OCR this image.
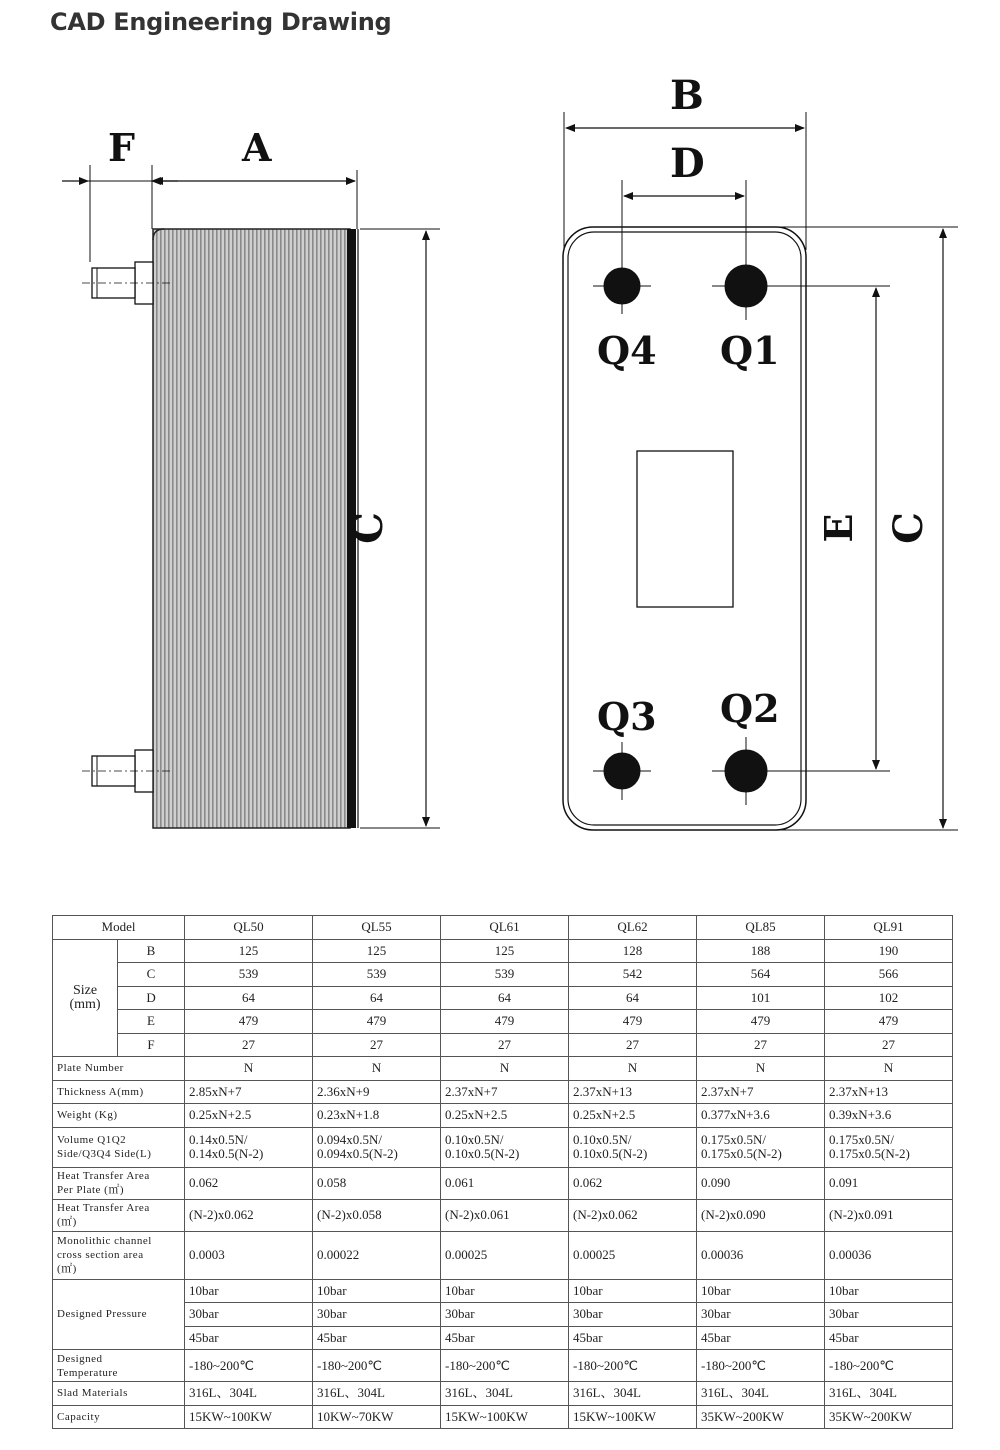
CAD Engineering Drawing
F	A
C
B
D
E C
Q4 Q1
Q3 Q2
Model		QL50	QL55	QL61	QL62	QL85	QL91

Size
(mm)	B	125	125	125	128	188	190
	C	539	539	539	542	564	566
	D	64	64	64	64	101	102
	E	479	479	479	479	479	479
	F	27	27	27	27	27	27
Plate Number		N	N	N	N	N	N
Thickness A(mm)		2.85xN+7	2.36xN+9	2.37xN+7	2.37xN+13	2.37xN+7	2.37xN+13
Weight (Kg)		0.25xN+2.5	0.23xN+1.8	0.25xN+2.5	0.25xN+2.5	0.377xN+3.6	0.39xN+3.6

Volume Q1Q2
Side/Q3Q4 Side(L)		0.14x0.5N/
0.14x0.5(N-2)	0.094x0.5N/
0.094x0.5(N-2)	0.10x0.5N/
0.10x0.5(N-2)	0.10x0.5N/
0.10x0.5(N-2)	0.175x0.5N/
0.175x0.5(N-2)	0.175x0.5N/
0.175x0.5(N-2)

Heat Transfer Area
Per Plate (㎡)		0.062	0.058	0.061	0.062	0.090	0.091

Heat Transfer Area
(㎡)		(N-2)x0.062	(N-2)x0.058	(N-2)x0.061	(N-2)x0.062	(N-2)x0.090	(N-2)x0.091

Monolithic channel
cross section area
(㎡)		0.0003	0.00022	0.00025	0.00025	0.00036	0.00036
Designed Pressure		10bar	10bar	10bar	10bar	10bar	10bar
		30bar	30bar	30bar	30bar	30bar	30bar
		45bar	45bar	45bar	45bar	45bar	45bar

Designed
Temperature		-180~200℃	-180~200℃	-180~200℃	-180~200℃	-180~200℃	-180~200℃
Slad Materials		316L、304L	316L、304L	316L、304L	316L、304L	316L、304L	316L、304L
Capacity		15KW~100KW	10KW~70KW	15KW~100KW	15KW~100KW	35KW~200KW	35KW~200KW
